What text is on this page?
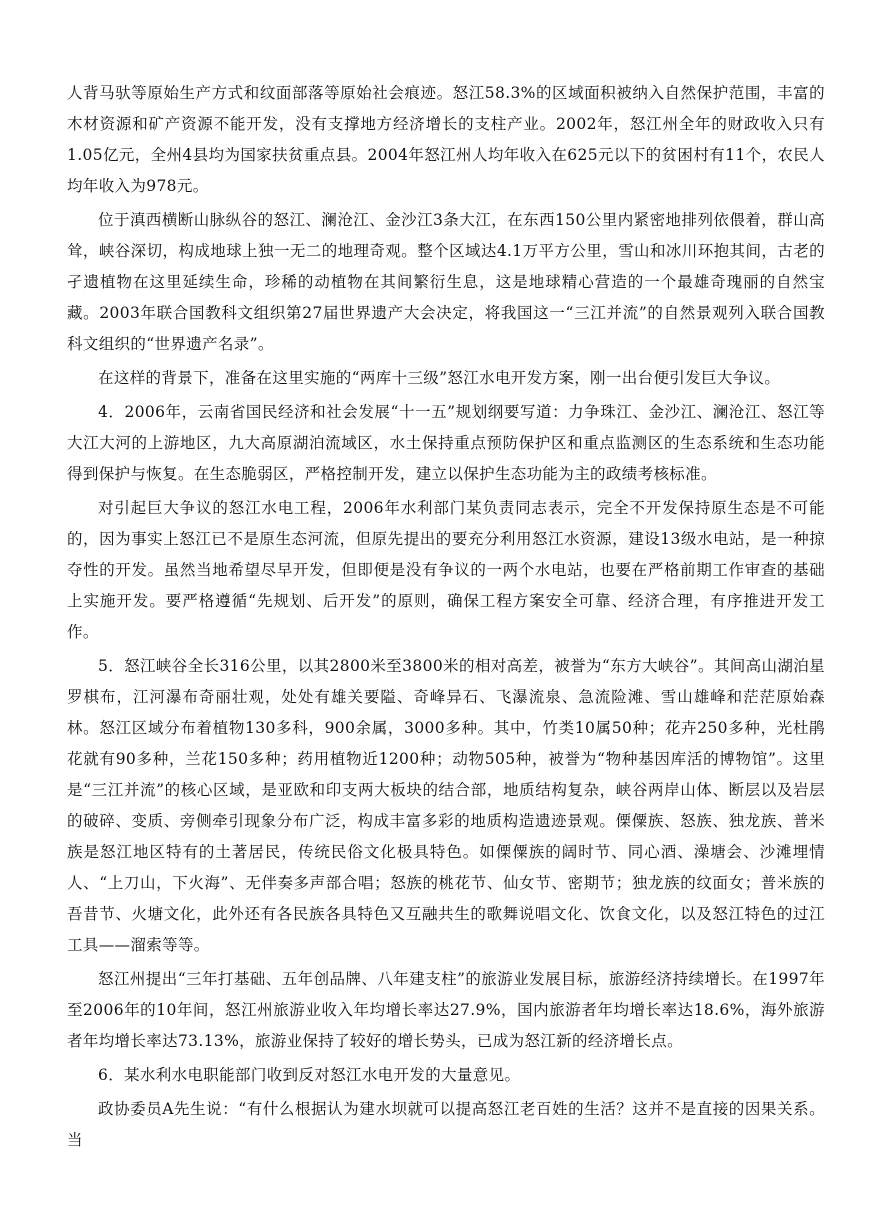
人背马驮等原始生产方式和纹面部落等原始社会痕迹。怒江58.3%的区域面积被纳入自然保护范围，丰富的木材资源和矿产资源不能开发，没有支撑地方经济增长的支柱产业。2002年，怒江州全年的财政收入只有1.05亿元，全州4县均为国家扶贫重点县。2004年怒江州人均年收入在625元以下的贫困村有11个，农民人均年收入为978元。

位于滇西横断山脉纵谷的怒江、澜沧江、金沙江3条大江，在东西150公里内紧密地排列依偎着，群山高耸，峡谷深切，构成地球上独一无二的地理奇观。整个区域达4.1万平方公里，雪山和冰川环抱其间，古老的孑遗植物在这里延续生命，珍稀的动植物在其间繁衍生息，这是地球精心营造的一个最雄奇瑰丽的自然宝藏。2003年联合国教科文组织第27届世界遗产大会决定，将我国这一“三江并流”的自然景观列入联合国教科文组织的“世界遗产名录”。

在这样的背景下，准备在这里实施的“两库十三级”怒江水电开发方案，刚一出台便引发巨大争议。

4．2006年，云南省国民经济和社会发展“十一五”规划纲要写道：力争珠江、金沙江、澜沧江、怒江等大江大河的上游地区，九大高原湖泊流域区，水土保持重点预防保护区和重点监测区的生态系统和生态功能得到保护与恢复。在生态脆弱区，严格控制开发，建立以保护生态功能为主的政绩考核标准。

对引起巨大争议的怒江水电工程，2006年水利部门某负责同志表示，完全不开发保持原生态是不可能的，因为事实上怒江已不是原生态河流，但原先提出的要充分利用怒江水资源，建设13级水电站，是一种掠夺性的开发。虽然当地希望尽早开发，但即便是没有争议的一两个水电站，也要在严格前期工作审查的基础上实施开发。要严格遵循“先规划、后开发”的原则，确保工程方案安全可靠、经济合理，有序推进开发工作。

5．怒江峡谷全长316公里，以其2800米至3800米的相对高差，被誉为“东方大峡谷”。其间高山湖泊星罗棋布，江河瀑布奇丽壮观，处处有雄关要隘、奇峰异石、飞瀑流泉、急流险滩、雪山雄峰和茫茫原始森林。怒江区域分布着植物130多科，900余属，3000多种。其中，竹类10属50种；花卉250多种，光杜鹃花就有90多种，兰花150多种；药用植物近1200种；动物505种，被誉为“物种基因库活的博物馆”。这里是“三江并流”的核心区域，是亚欧和印支两大板块的结合部，地质结构复杂，峡谷两岸山体、断层以及岩层的破碎、变质、旁侧牵引现象分布广泛，构成丰富多彩的地质构造遗迹景观。傈僳族、怒族、独龙族、普米族是怒江地区特有的土著居民，传统民俗文化极具特色。如傈僳族的阔时节、同心酒、澡塘会、沙滩埋情人、“上刀山，下火海”、无伴奏多声部合唱；怒族的桃花节、仙女节、密期节；独龙族的纹面女；普米族的吾昔节、火塘文化，此外还有各民族各具特色又互融共生的歌舞说唱文化、饮食文化，以及怒江特色的过江工具——溜索等等。

怒江州提出“三年打基础、五年创品牌、八年建支柱”的旅游业发展目标，旅游经济持续增长。在1997年至2006年的10年间，怒江州旅游业收入年均增长率达27.9%，国内旅游者年均增长率达18.6%，海外旅游者年均增长率达73.13%，旅游业保持了较好的增长势头，已成为怒江新的经济增长点。

6．某水利水电职能部门收到反对怒江水电开发的大量意见。

政协委员A先生说：“有什么根据认为建水坝就可以提高怒江老百姓的生活？这并不是直接的因果关系。当
